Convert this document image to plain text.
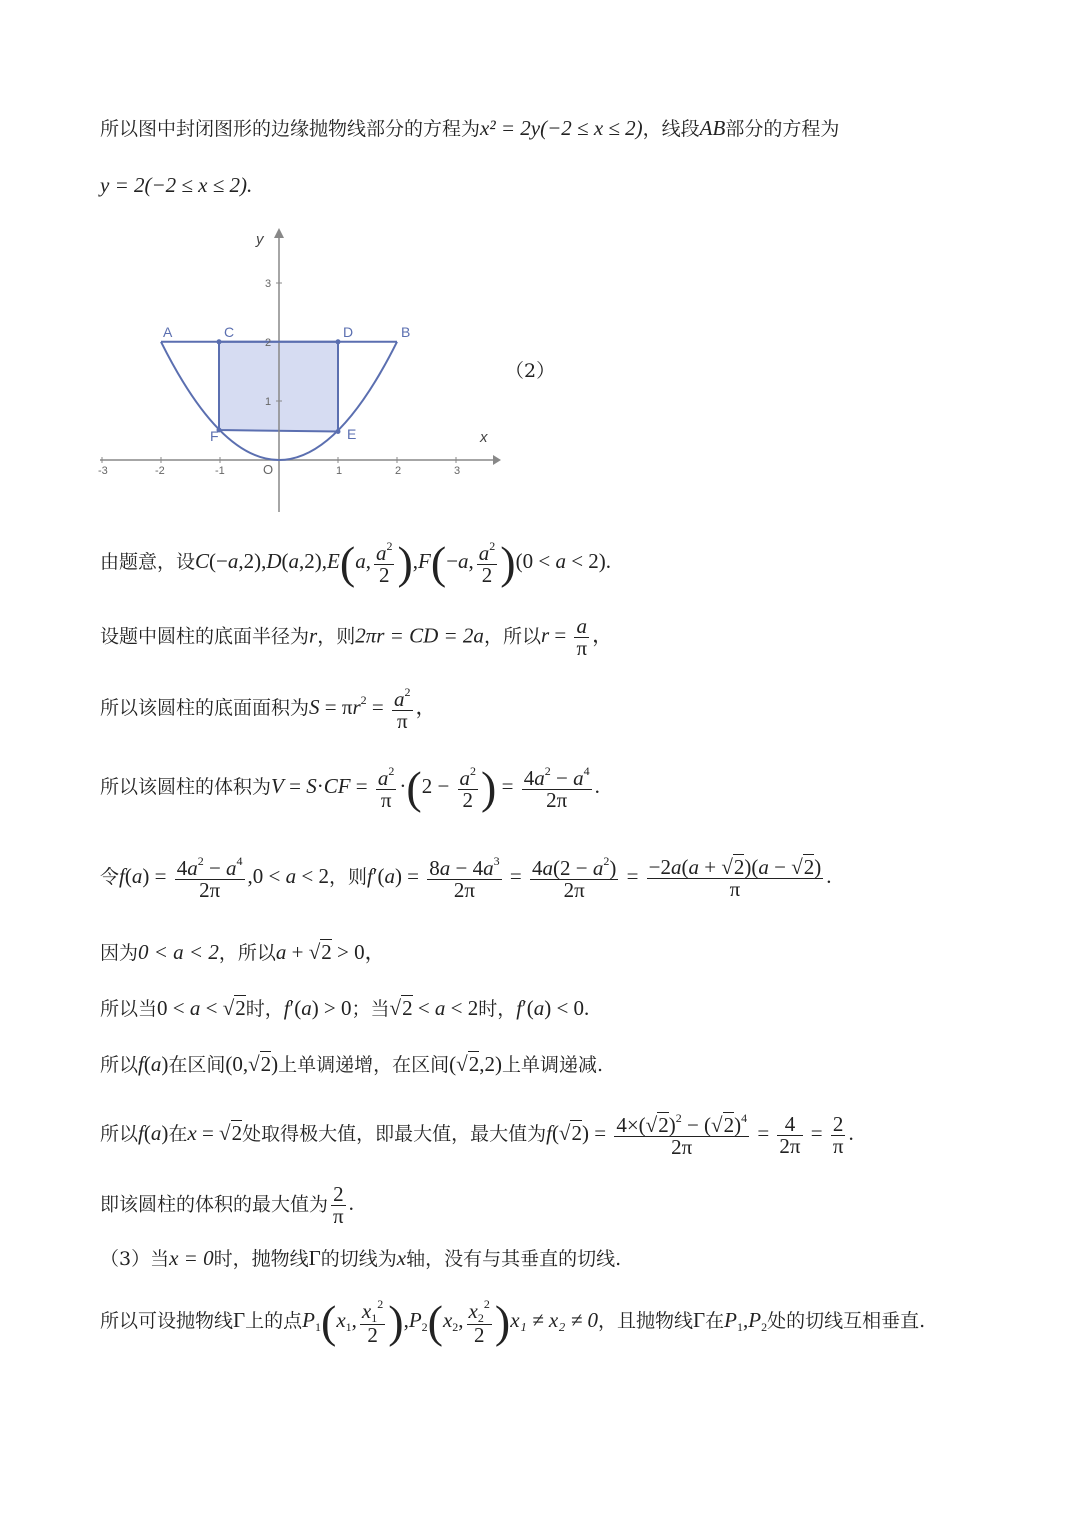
所以图中封闭图形的边缘抛物线部分的方程为x² = 2y(−2 ≤ x ≤ 2)，线段AB部分的方程为
y = 2(−2 ≤ x ≤ 2).
-3	-2	-1	1	2	3
1
2
3
O
x
y
A	C	D	B
E
F
（2）
由题意，设C(−a,2),D(a,2),E(a, $\frac{a^2}{2} ),F(-a$, $\frac{a^2}{2} )(0 < a < 2)$.
设题中圆柱的底面半径为r，则2πr = CD = 2a，所以$r = \frac{a}{\pi}$ ，
所以该圆柱的底面面积为$S = \pi r^2 = \frac{a^2}{\pi}$ ，
所以该圆柱的体积为$V = S\cdot CF = \frac{a^2}{\pi} \cdot(2 - \frac{a^2}{2}$ ) = $\frac{4a^2 - a^4}{2\pi}$ .
令$f(a) = \frac{4a^2 - a^4}{2\pi} ,0 < a < 2$，则$f'(a) = \frac{8a - 4a^3}{2\pi} = \frac{4a(2 - a^2)}{2\pi} = \frac{-2a(a + √2)(a - √2)}{\pi}$ .
因为0 < a < 2，所以a + √2 > 0，
所以当0 < a < √2时，f′(a) > 0；当√2 < a < 2时，f′(a) < 0.
所以f(a)在区间(0,√2)上单调递增，在区间(√2,2)上单调递减.
所以f(a)在x = √2处取得极大值，即最大值，最大值为$f(√2) = \frac{4\times(√2)^2 - (√2)^4}{2\pi} = \frac{4}{2\pi} = \frac{2}{\pi}$ .
即该圆柱的体积的最大值为 $\frac{2}{\pi}$ .
（3）当x = 0时，抛物线Γ的切线为x轴，没有与其垂直的切线.
所以可设抛物线Γ上的点$P_1(x_1$, $\frac{x_1^2}{2} ),P_2(x_2$, $\frac{x_2^2}{2} )x_1 \ne x_2 \ne 0$，且抛物线Γ在$P_1,P_2$处的切线互相垂直.
